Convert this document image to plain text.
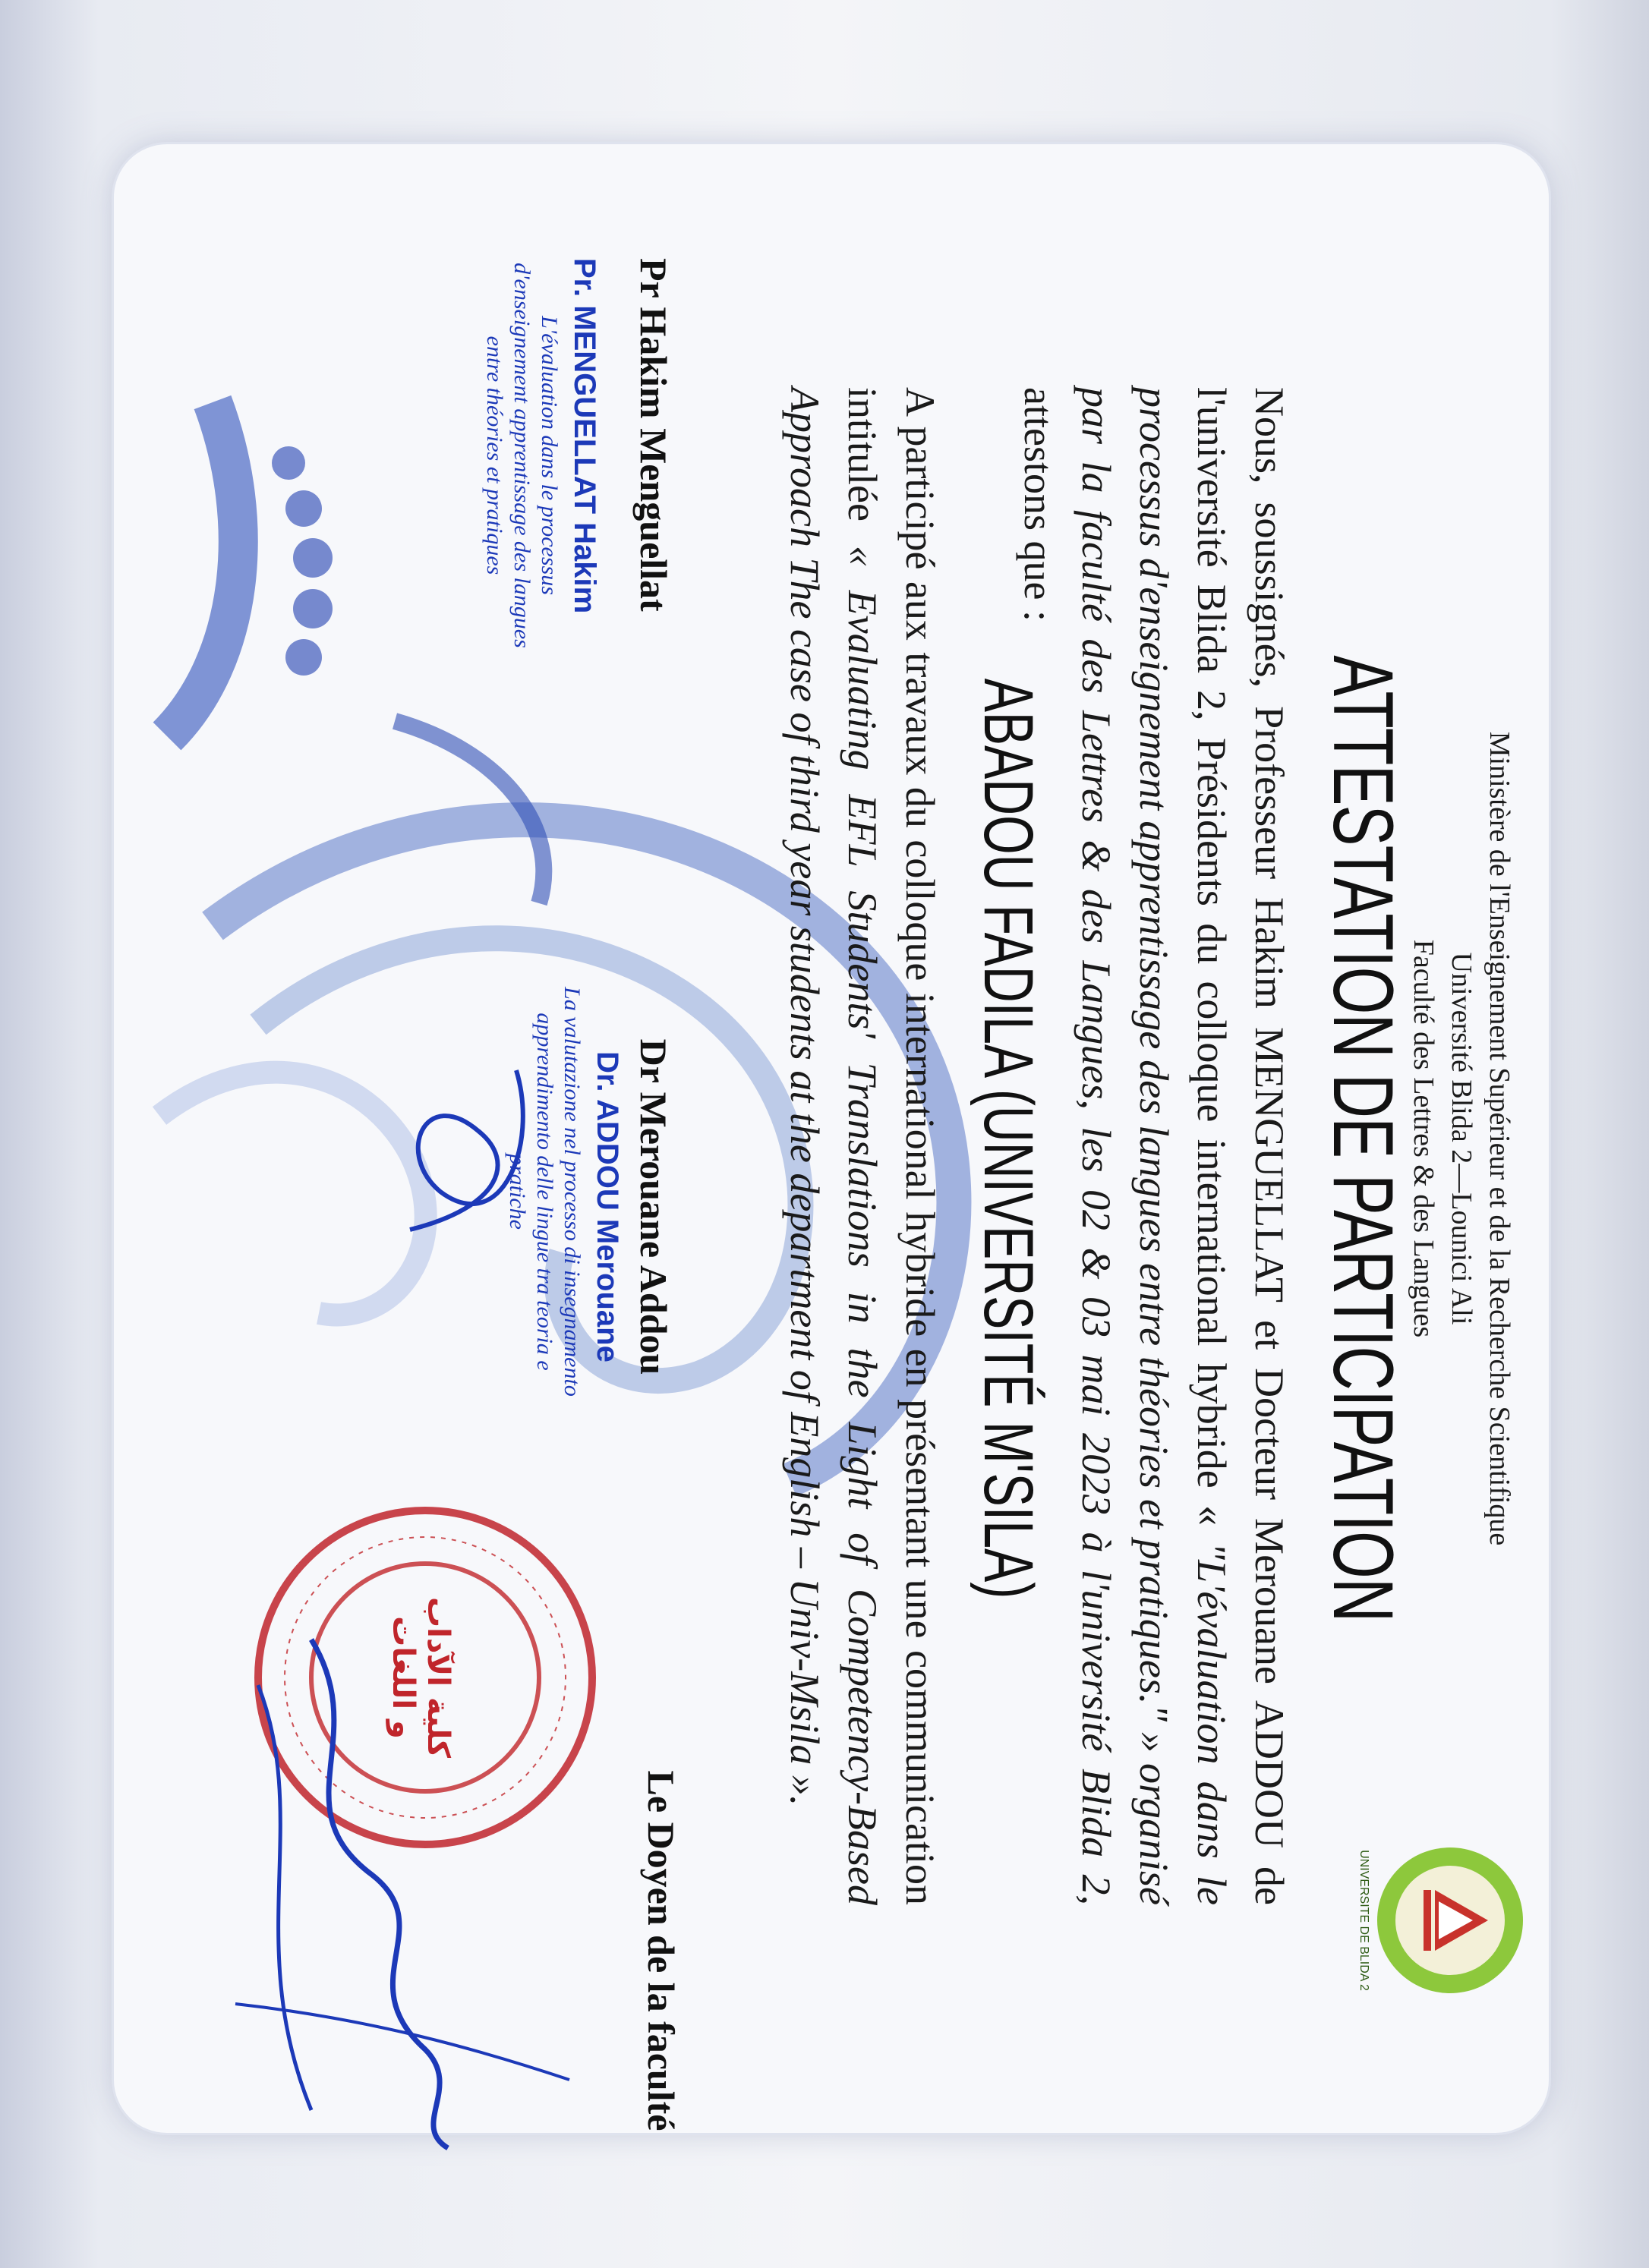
UNIVERSITE DE BLIDA 2
Ministère de l'Enseignement Supérieur et de la Recherche Scientifique
Université Blida 2—Lounici Ali
Faculté des Lettres & des Langues
ATTESTATION DE PARTICIPATION
Nous, soussignés, Professeur Hakim MENGUELLAT et Docteur Merouane ADDOU de l'université Blida 2, Présidents du colloque international hybride « "L'évaluation dans le processus d'enseignement apprentissage des langues entre théories et pratiques." » organisé par la faculté des Lettres & des Langues, les 02 & 03 mai 2023 à l'université Blida 2, attestons que :
ABADOU FADILA (UNIVERSITÉ M'SILA)
A participé aux travaux du colloque international hybride en présentant une communication intitulée « Evaluating EFL Students' Translations in the Light of Competency-Based Approach The case of third year students at the department of English – Univ-Msila ».
Pr Hakim Menguellat
Pr. MENGUELLAT Hakim
L'évaluation dans le processus d'enseignement apprentissage des langues entre théories et pratiques
Dr Merouane Addou
Dr. ADDOU Merouane
La valutazione nel processo di insegnamento apprendimento delle lingue tra teoria e pratiche
Le Doyen de la faculté
كلية الآداب و اللغات
